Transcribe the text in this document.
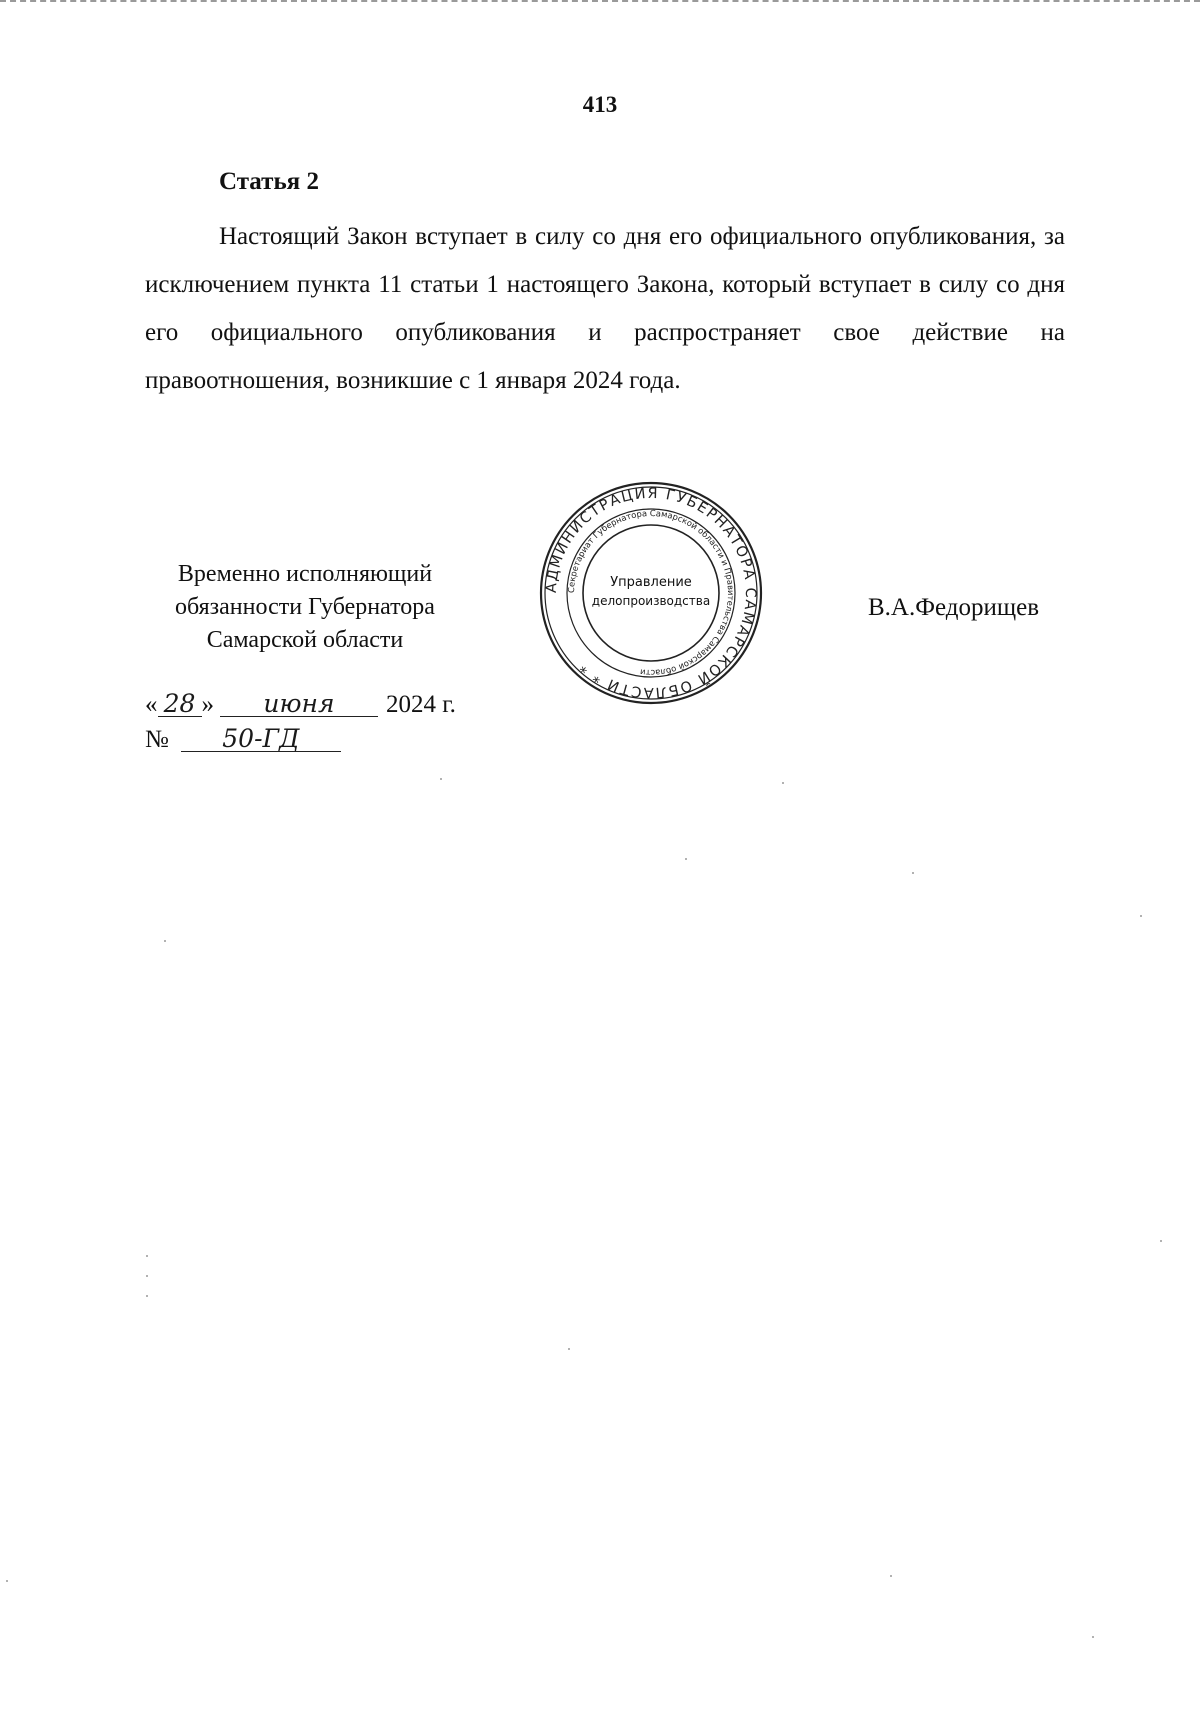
413
Статья 2

Настоящий Закон вступает в силу со дня его официального опубликования, за исключением пункта 11 статьи 1 настоящего Закона, который вступает в силу со дня его официального опубликования и распространяет свое действие на правоотношения, возникшие с 1 января 2024 года.

Временно исполняющий
обязанности Губернатора
Самарской области
АДМИНИСТРАЦИЯ ГУБЕРНАТОРА САМАРСКОЙ ОБЛАСТИ * *
Секретариат Губернатора Самарской области и Правительства Самарской области
Управление
делопроизводства	В.А.Федорищев
« 28 » июня 2024 г.
№ 50-ГД
